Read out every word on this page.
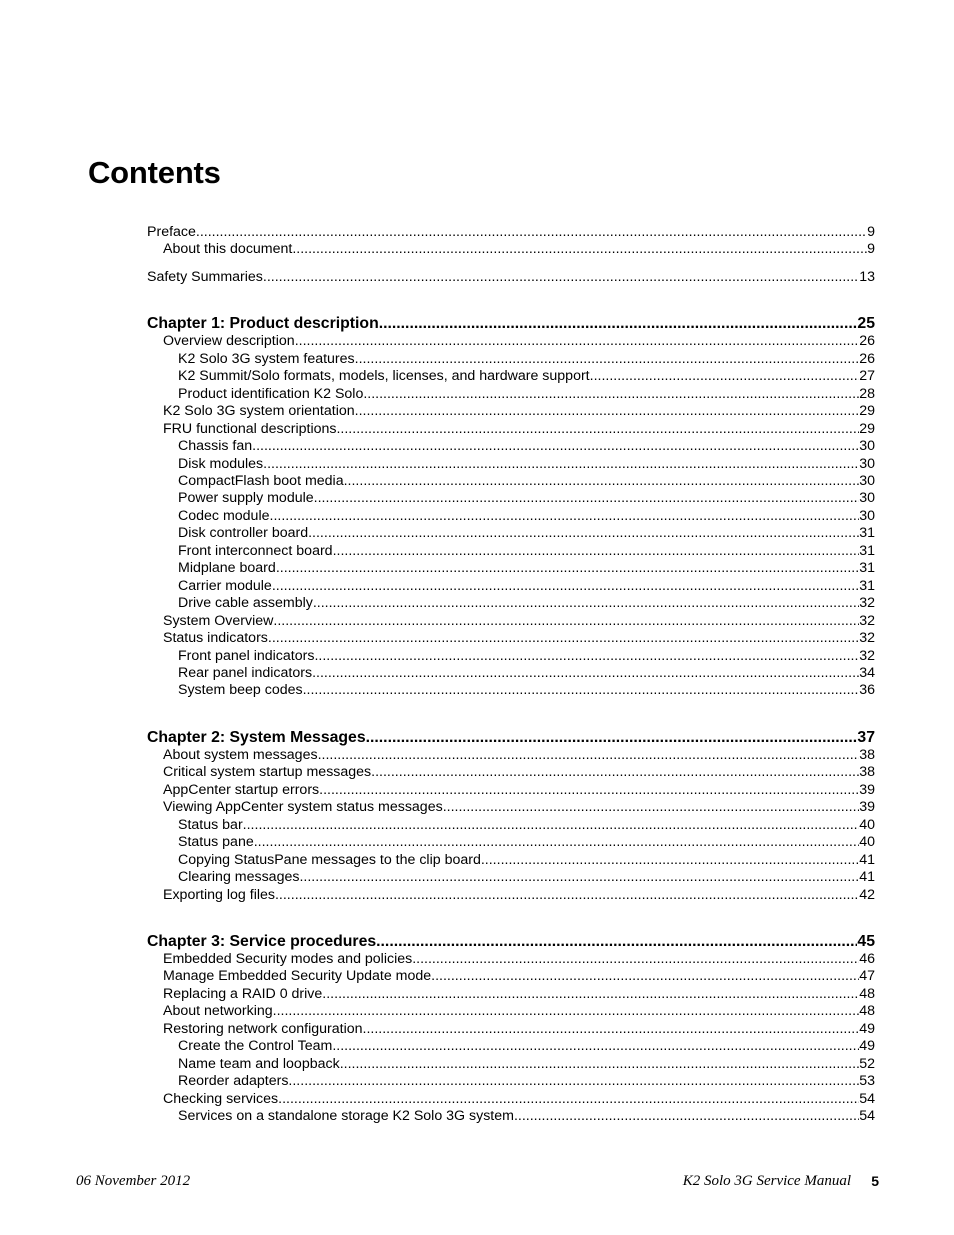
Contents
Preface .....	9
About this document .....	9
Safety Summaries .....	13
Chapter 1: Product description .....	25
Overview description .....	26
K2 Solo 3G system features .....	26
K2 Summit/Solo formats, models, licenses, and hardware support .....	27
Product identification K2 Solo .....	28
K2 Solo 3G system orientation .....	29
FRU functional descriptions .....	29
Chassis fan .....	30
Disk modules .....	30
CompactFlash boot media .....	30
Power supply module .....	30
Codec module .....	30
Disk controller board .....	31
Front interconnect board .....	31
Midplane board .....	31
Carrier module .....	31
Drive cable assembly .....	32
System Overview .....	32
Status indicators .....	32
Front panel indicators .....	32
Rear panel indicators .....	34
System beep codes .....	36
Chapter 2: System Messages .....	37
About system messages .....	38
Critical system startup messages .....	38
AppCenter startup errors .....	39
Viewing AppCenter system status messages .....	39
Status bar .....	40
Status pane .....	40
Copying StatusPane messages to the clip board .....	41
Clearing messages .....	41
Exporting log files .....	42
Chapter 3: Service procedures .....	45
Embedded Security modes and policies .....	46
Manage Embedded Security Update mode .....	47
Replacing a RAID 0 drive .....	48
About networking .....	48
Restoring network configuration .....	49
Create the Control Team .....	49
Name team and loopback .....	52
Reorder adapters .....	53
Checking services .....	54
Services on a standalone storage K2 Solo 3G system .....	54
06 November 2012	K2 Solo 3G Service Manual 5
